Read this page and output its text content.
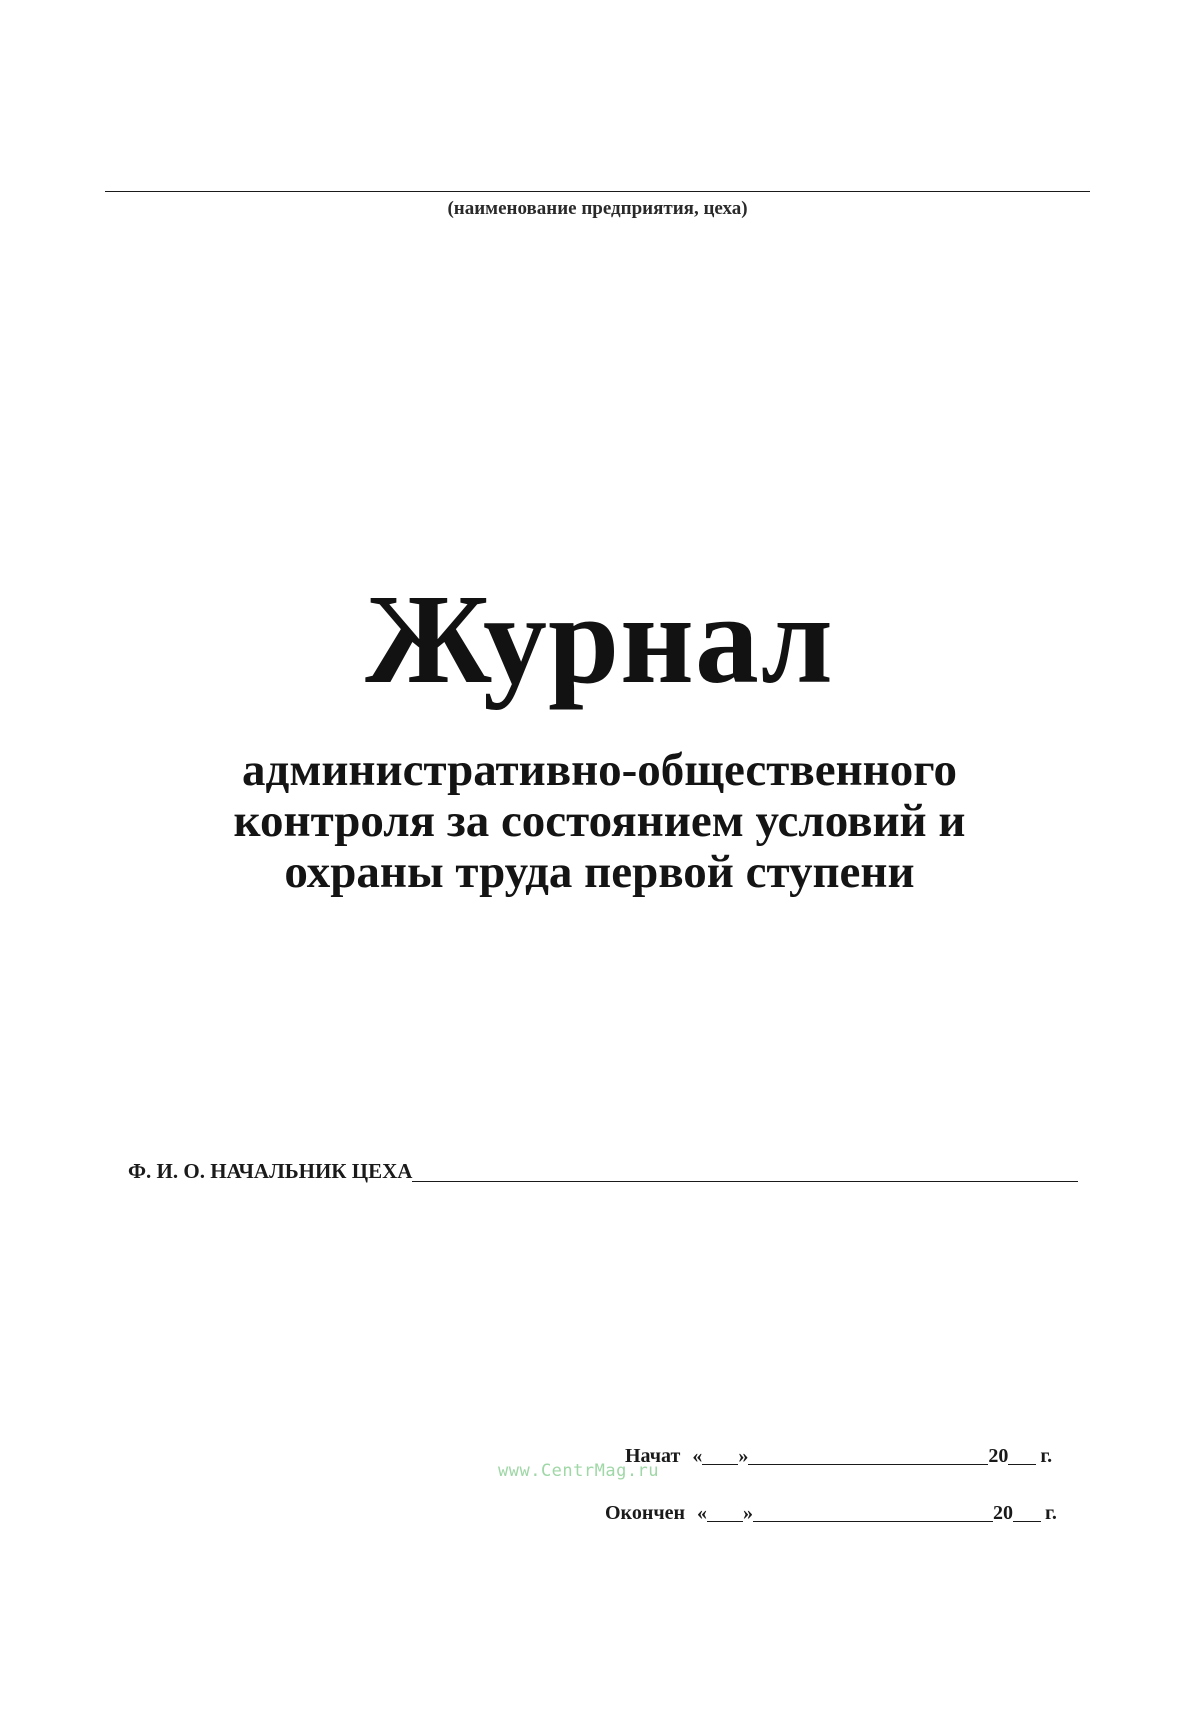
(наименование предприятия, цеха)
Журнал
административно-общественного
контроля за состоянием условий и
охраны труда первой ступени
Ф. И. О. НАЧАЛЬНИК ЦЕХА
Начат « »	20 г.
www.CentrMag.ru
Окончен « »	20 г.
